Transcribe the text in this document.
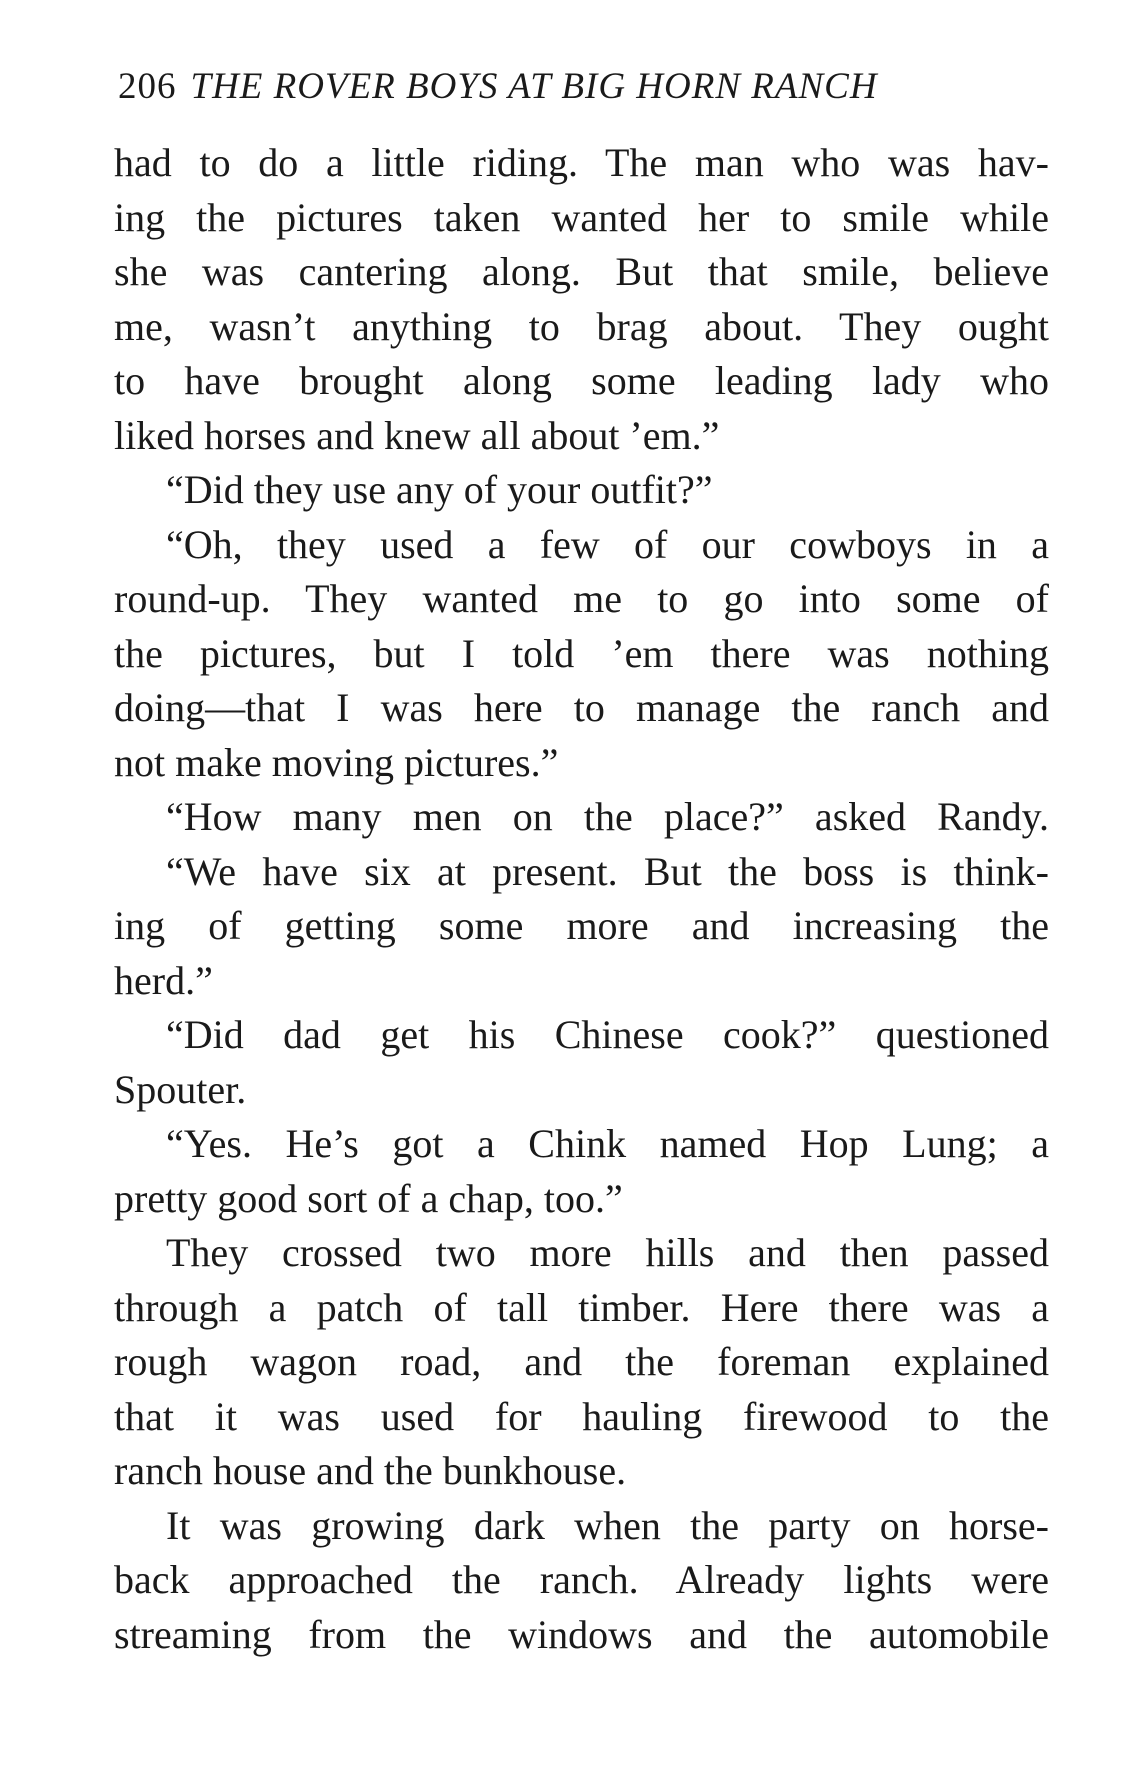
206 THE ROVER BOYS AT BIG HORN RANCH
had to do a little riding. The man who was hav-
ing the pictures taken wanted her to smile while
she was cantering along. But that smile, believe
me, wasn’t anything to brag about. They ought
to have brought along some leading lady who
liked horses and knew all about ’em.”
“Did they use any of your outfit?”
“Oh, they used a few of our cowboys in a
round-up. They wanted me to go into some of
the pictures, but I told ’em there was nothing
doing—that I was here to manage the ranch and
not make moving pictures.”
“How many men on the place?” asked Randy.
“We have six at present. But the boss is think-
ing of getting some more and increasing the
herd.”
“Did dad get his Chinese cook?” questioned
Spouter.
“Yes. He’s got a Chink named Hop Lung; a
pretty good sort of a chap, too.”
They crossed two more hills and then passed
through a patch of tall timber. Here there was a
rough wagon road, and the foreman explained
that it was used for hauling firewood to the
ranch house and the bunkhouse.
It was growing dark when the party on horse-
back approached the ranch. Already lights were
streaming from the windows and the automobile
